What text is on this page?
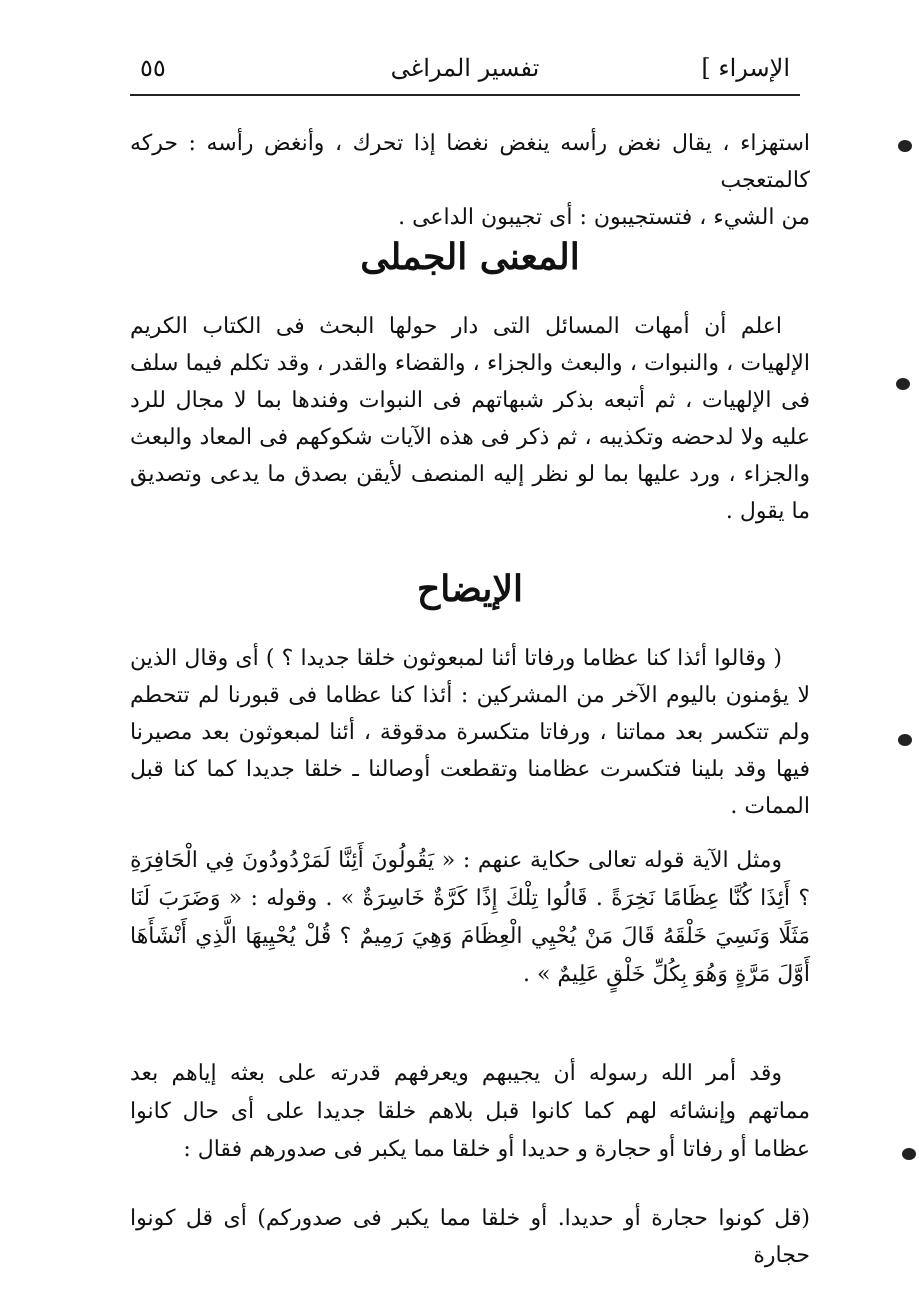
الإسراء ]
تفسير المراغى
٥٥
استهزاء ، يقال نغض رأسه ينغض نغضا إذا تحرك ، وأنغض رأسه : حركه كالمتعجب
من الشيء ، فتستجيبون : أى تجيبون الداعى .
المعنى الجملى
اعلم أن أمهات المسائل التى دار حولها البحث فى الكتاب الكريم الإلهيات ، والنبوات ، والبعث والجزاء ، والقضاء والقدر ، وقد تكلم فيما سلف فى الإلهيات ، ثم أتبعه بذكر شبهاتهم فى النبوات وفندها بما لا مجال للرد عليه ولا لدحضه وتكذيبه ، ثم ذكر فى هذه الآيات شكوكهم فى المعاد والبعث والجزاء ، ورد عليها بما لو نظر إليه المنصف لأيقن بصدق ما يدعى وتصديق ما يقول .
الإيضاح
( وقالوا أئذا كنا عظاما ورفاتا أئنا لمبعوثون خلقا جديدا ؟ ) أى وقال الذين لا يؤمنون باليوم الآخر من المشركين : أئذا كنا عظاما فى قبورنا لم تتحطم ولم تتكسر بعد مماتنا ، ورفاتا متكسرة مدقوقة ، أئنا لمبعوثون بعد مصيرنا فيها وقد بلينا فتكسرت عظامنا وتقطعت أوصالنا ـ خلقا جديدا كما كنا قبل الممات .
ومثل الآية قوله تعالى حكاية عنهم : « يَقُولُونَ أَئِنَّا لَمَرْدُودُونَ فِي الْحَافِرَةِ ؟ أَئِذَا كُنَّا عِظَامًا نَخِرَةً . قَالُوا تِلْكَ إِذًا كَرَّةٌ خَاسِرَةٌ » . وقوله : « وَضَرَبَ لَنَا مَثَلًا وَنَسِيَ خَلْقَهُ قَالَ مَنْ يُحْيِي الْعِظَامَ وَهِيَ رَمِيمٌ ؟ قُلْ يُحْيِيهَا الَّذِي أَنْشَأَهَا أَوَّلَ مَرَّةٍ وَهُوَ بِكُلِّ خَلْقٍ عَلِيمٌ » .
وقد أمر الله رسوله أن يجيبهم ويعرفهم قدرته على بعثه إياهم بعد مماتهم وإنشائه لهم كما كانوا قبل بلاهم خلقا جديدا على أى حال كانوا عظاما أو رفاتا أو حجارة و حديدا أو خلقا مما يكبر فى صدورهم فقال :
(قل كونوا حجارة أو حديدا. أو خلقا مما يكبر فى صدوركم) أى قل كونوا حجارة
